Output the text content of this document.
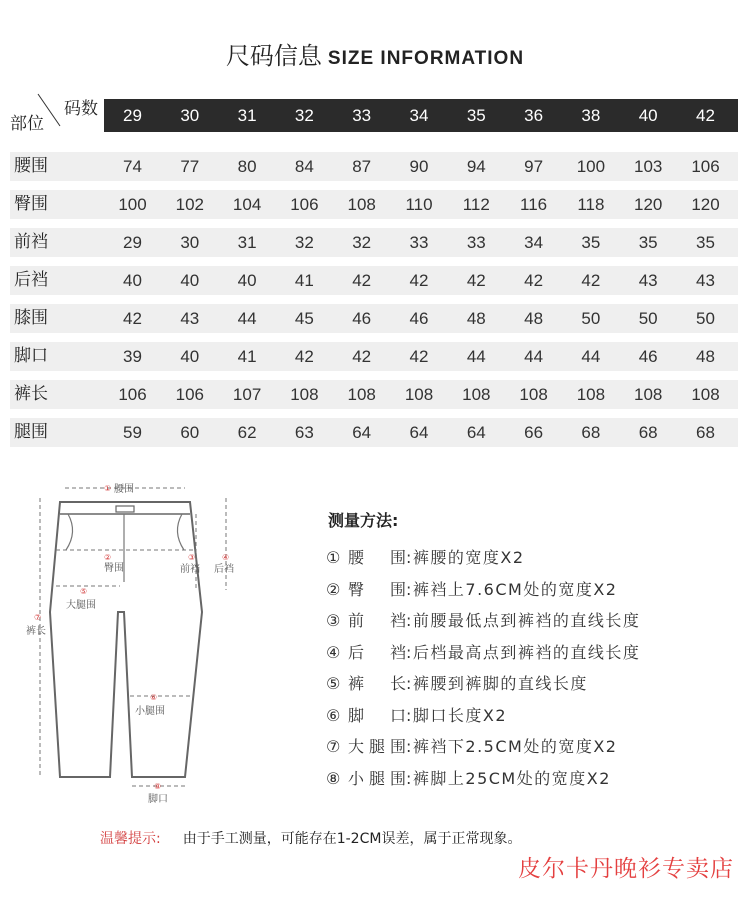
尺码信息 SIZE INFORMATION
码数
部位	29	30	31	32	33	34	35	36	38	40	42
腰围	74	77	80	84	87	90	94	97	100	103	106
臀围	100	102	104	106	108	110	112	116	118	120	120
前裆	29	30	31	32	32	33	33	34	35	35	35
后裆	40	40	40	41	42	42	42	42	42	43	43
膝围	42	43	44	45	46	46	48	48	50	50	50
脚口	39	40	41	42	42	42	44	44	44	46	48
裤长	106	106	107	108	108	108	108	108	108	108	108
腿围	59	60	62	63	64	64	64	66	68	68	68
① 腰围
②
臀围
③
前裆
④
后裆
⑤
大腿围
⑥
小腿围
⑦
裤长
⑧
脚口
测量方法:
① 腰围:裤腰的宽度X2
② 臀围:裤裆上7.6CM处的宽度X2
③ 前裆:前腰最低点到裤裆的直线长度
④ 后裆:后档最高点到裤裆的直线长度
⑤ 裤长:裤腰到裤脚的直线长度
⑥ 脚口:脚口长度X2
⑦ 大腿围:裤裆下2.5CM处的宽度X2
⑧ 小腿围:裤脚上25CM处的宽度X2
温馨提示: 由于手工测量，可能存在1-2CM误差，属于正常现象。
皮尔卡丹晚衫专卖店
